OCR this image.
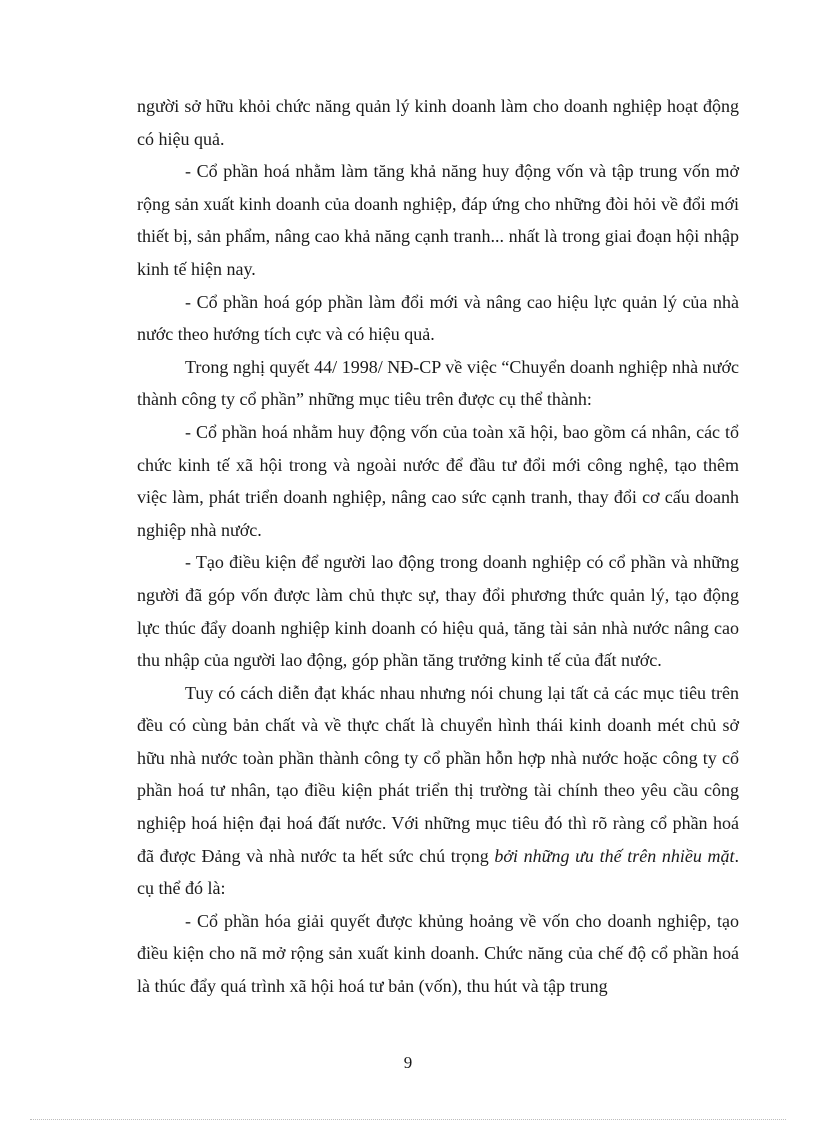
người sở hữu khỏi chức năng quản lý kinh doanh làm cho doanh nghiệp hoạt động có hiệu quả.

- Cổ phần hoá nhằm làm tăng khả năng huy động vốn và tập trung vốn mở rộng sản xuất kinh doanh của doanh nghiệp, đáp ứng cho những đòi hỏi về đổi mới thiết bị, sản phẩm, nâng cao khả năng cạnh tranh... nhất là trong giai đoạn hội nhập kinh tế hiện nay.

- Cổ phần hoá góp phần làm đổi mới và nâng cao hiệu lực quản lý của nhà nước theo hướng tích cực và có hiệu quả.

Trong nghị quyết 44/ 1998/ NĐ-CP về việc “Chuyển doanh nghiệp nhà nước thành công ty cổ phần” những mục tiêu trên được cụ thể thành:

- Cổ phần hoá nhằm huy động vốn của toàn xã hội, bao gồm cá nhân, các tổ chức kinh tế xã hội trong và ngoài nước để đầu tư đổi mới công nghệ, tạo thêm việc làm, phát triển doanh nghiệp, nâng cao sức cạnh tranh, thay đổi cơ cấu doanh nghiệp nhà nước.

- Tạo điều kiện để người lao động trong doanh nghiệp có cổ phần và những người đã góp vốn được làm chủ thực sự, thay đổi phương thức quản lý, tạo động lực thúc đẩy doanh nghiệp kinh doanh có hiệu quả, tăng tài sản nhà nước nâng cao thu nhập của người lao động, góp phần tăng trưởng kinh tế của đất nước.

Tuy có cách diễn đạt khác nhau nhưng nói chung lại tất cả các mục tiêu trên đều có cùng bản chất và về thực chất là chuyển hình thái kinh doanh mét chủ sở hữu nhà nước toàn phần thành công ty cổ phần hỗn hợp nhà nước hoặc công ty cổ phần hoá tư nhân, tạo điều kiện phát triển thị trường tài chính theo yêu cầu công nghiệp hoá hiện đại hoá đất nước. Với những mục tiêu đó thì rõ ràng cổ phần hoá đã được Đảng và nhà nước ta hết sức chú trọng bởi những ưu thế trên nhiều mặt. cụ thể đó là:

- Cổ phần hóa giải quyết được khủng hoảng về vốn cho doanh nghiệp, tạo điều kiện cho nã mở rộng sản xuất kinh doanh. Chức năng của chế độ cổ phần hoá là thúc đẩy quá trình xã hội hoá tư bản (vốn), thu hút và tập trung

9
